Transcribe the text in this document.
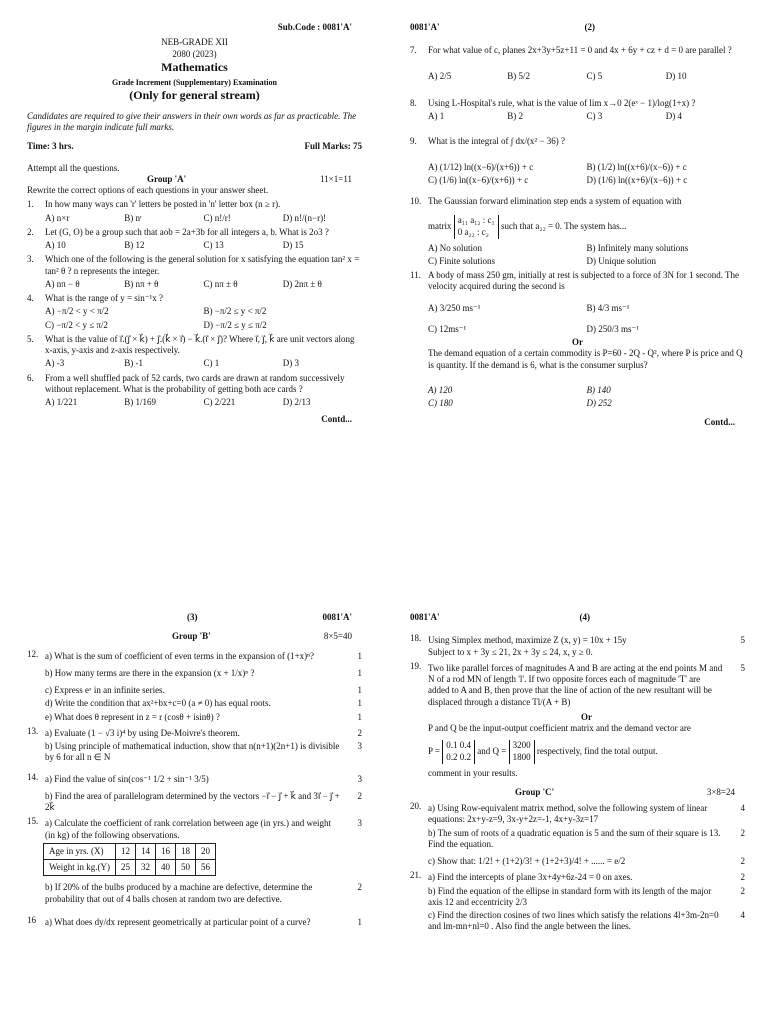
Sub.Code : 0081'A'
NEB-GRADE XII
2080 (2023)
Mathematics
Grade Increment (Supplementary) Examination
(Only for general stream)
Candidates are required to give their answers in their own words as far as practicable. The figures in the margin indicate full marks.
Time: 3 hrs.	Full Marks: 75
Attempt all the questions.
Group 'A'	11×1=11
Rewrite the correct options of each questions in your answer sheet.
1.	In how many ways can 'r' letters be posted in 'n' letter box (n ≥ r).
A) n×r	B) nʳ	C) n!/r!	D) n!/(n−r)!
2.	Let (G, O) be a group such that aob = 2a+3b for all integers a, b. What is 2o3 ?
A) 10	B) 12	C) 13	D) 15
3.	Which one of the following is the general solution for x satisfying the equation tan² x = tan² θ ? n represents the integer.
A) nπ − θ	B) nπ + θ	C) nπ ± θ	D) 2nπ ± θ
4.	What is the range of y = sin⁻¹x ?
A) −π/2 < y < π/2	B) −π/2 ≤ y < π/2
C) −π/2 < y ≤ π/2	D) −π/2 ≤ y ≤ π/2
5.	What is the value of i⃗.(j⃗ × k⃗) + j⃗.(k⃗ × i⃗) − k⃗.(i⃗ × j⃗)? Where i⃗, j⃗, k⃗ are unit vectors along x-axis, y-axis and z-axis respectively.
A) -3	B) -1	C) 1	D) 3
6.	From a well shuffled pack of 52 cards, two cards are drawn at random successively without replacement. What is the probability of getting both ace cards ?
A) 1/221	B) 1/169	C) 2/221	D) 2/13
Contd...
0081'A'	(2)
7.	For what value of c, planes 2x+3y+5z+11 = 0 and 4x + 6y + cz + d = 0 are parallel ?
A) 2/5	B) 5/2	C) 5	D) 10
8.	Using L-Hospital's rule, what is the value of lim x→0 2(eˣ − 1)/log(1+x) ?
A) 1	B) 2	C) 3	D) 4
9.	What is the integral of ∫ dx/(x² − 36) ?
A) (1/12) ln((x−6)/(x+6)) + c	B) (1/2) ln((x+6)/(x−6)) + c
C) (1/6) ln((x−6)/(x+6)) + c	D) (1/6) ln((x+6)/(x−6)) + c
10. The Gaussian forward elimination step ends a system of equation with
matrix
a₁₁ a₁₂ : c₁
0 a₂₂ : c₂
such that a₂₂ = 0. The system has...
A) No solution	B) Infinitely many solutions
C) Finite solutions	D) Unique solution
11. A body of mass 250 gm, initially at rest is subjected to a force of 3N for 1 second. The velocity acquired during the second is
A) 3/250 ms⁻¹	B) 4/3 ms⁻¹
C) 12ms⁻¹	D) 250/3 ms⁻¹
Or
The demand equation of a certain commodity is P=60 - 2Q - Q², where P is price and Q is quantity. If the demand is 6, what is the consumer surplus?
A) 120	B) 140
C) 180	D) 252
Contd...
(3)	0081'A'
Group 'B'	8×5=40
12. a) What is the sum of coefficient of even terms in the expansion of (1+x)ⁿ?	1
b) How many terms are there in the expansion (x + 1/x)ⁿ ?	1
c) Express eˣ in an infinite series.	1
d) Write the condition that ax²+bx+c=0 (a ≠ 0) has equal roots.	1
e) What does θ represent in z = r (cosθ + isinθ) ?	1
13. a) Evaluate (1 − √3 i)⁴ by using De-Moivre's theorem.	2
b) Using principle of mathematical induction, show that n(n+1)(2n+1) is divisible by 6 for all n ∈ N
3
14. a) Find the value of sin(cos⁻¹ 1/2 + sin⁻¹ 3/5)	3
b) Find the area of parallelogram determined by the vectors −i⃗ − j⃗ + k⃗ and 3i⃗ − j⃗ + 2k⃗
2
15. a) Calculate the coefficient of rank correlation between age (in yrs.) and weight (in kg) of the following observations.
3
Age in yrs. (X)	12	14	16	18	20
Weight in kg.(Y)	25	32	40	50	56
b) If 20% of the bulbs produced by a machine are defective, determine the probability that out of 4 balls chosen at random two are defective.
2
16	a) What does dy/dx represent geometrically at particular point of a curve?	1
0081'A'	(4)
18. Using Simplex method, maximize Z (x, y) = 10x + 15y	5
Subject to x + 3y ≤ 21, 2x + 3y ≤ 24, x, y ≥ 0.
19. Two like parallel forces of magnitudes A and B are acting at the end points M and N of a rod MN of length 'l'. If two opposite forces each of magnitude 'T' are added to A and B, then prove that the line of action of the new resultant will be displaced through a distance Tl/(A + B)
5
Or
P and Q be the input-output coefficient matrix and the demand vector are
P =
0.1 0.4
0.2 0.2
and Q =
3200
1800
respectively, find the total output.
comment in your results.
Group 'C'	3×8=24
20. a) Using Row-equivalent matrix method, solve the following system of linear equations: 2x+y-z=9, 3x-y+2z=-1, 4x+y-3z=17
4
b) The sum of roots of a quadratic equation is 5 and the sum of their square is 13. Find the equation.
2
c) Show that: 1/2! + (1+2)/3! + (1+2+3)/4! + ...... = e/2	2
21. a) Find the intercepts of plane 3x+4y+6z-24 = 0 on axes.	2
b) Find the equation of the ellipse in standard form with its length of the major axis 12 and eccentricity 2/3
2
c) Find the direction cosines of two lines which satisfy the relations 4l+3m-2n=0 and lm-mn+nl=0 . Also find the angle between the lines.
4
